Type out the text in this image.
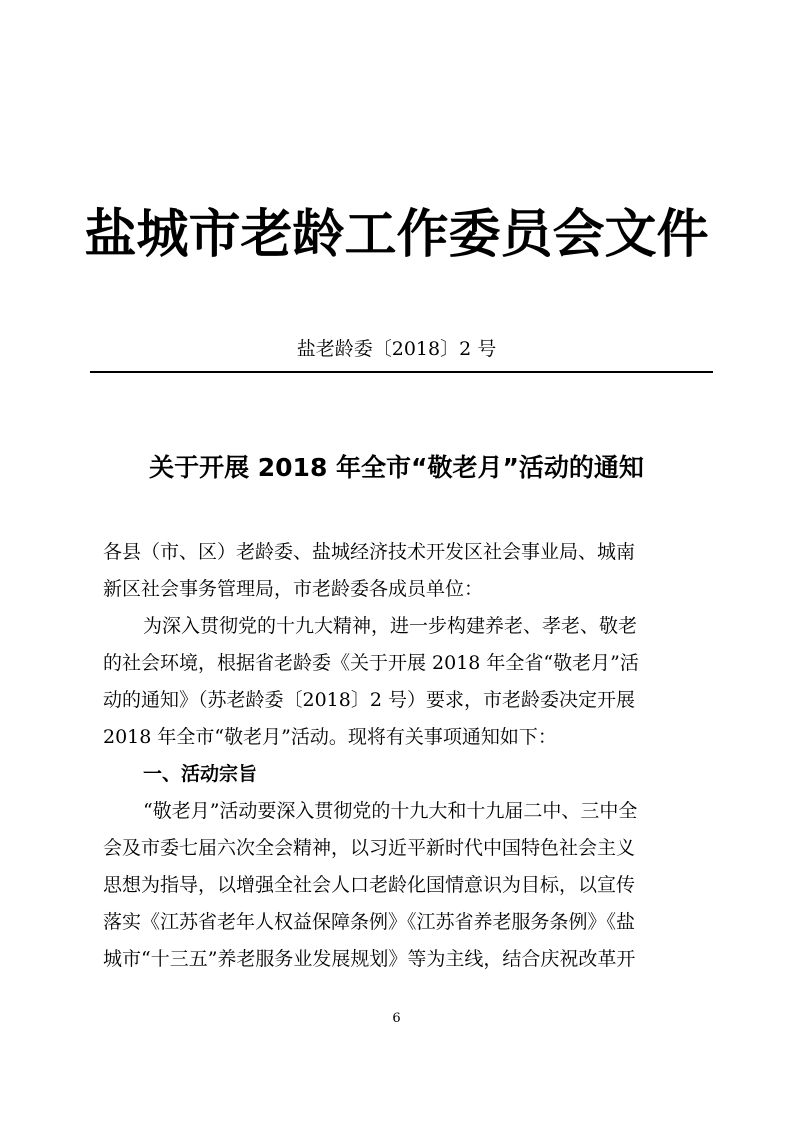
盐城市老龄工作委员会文件
盐老龄委〔2018〕2 号
关于开展 2018 年全市“敬老月”活动的通知
各县（市、区）老龄委、盐城经济技术开发区社会事业局、城南
新区社会事务管理局，市老龄委各成员单位：
为深入贯彻党的十九大精神，进一步构建养老、孝老、敬老
的社会环境，根据省老龄委《关于开展 2018 年全省“敬老月”活
动的通知》（苏老龄委〔2018〕2 号）要求，市老龄委决定开展
2018 年全市“敬老月”活动。现将有关事项通知如下：
一、活动宗旨
“敬老月”活动要深入贯彻党的十九大和十九届二中、三中全
会及市委七届六次全会精神，以习近平新时代中国特色社会主义
思想为指导，以增强全社会人口老龄化国情意识为目标，以宣传
落实《江苏省老年人权益保障条例》《江苏省养老服务条例》《盐
城市“十三五”养老服务业发展规划》等为主线，结合庆祝改革开
6
